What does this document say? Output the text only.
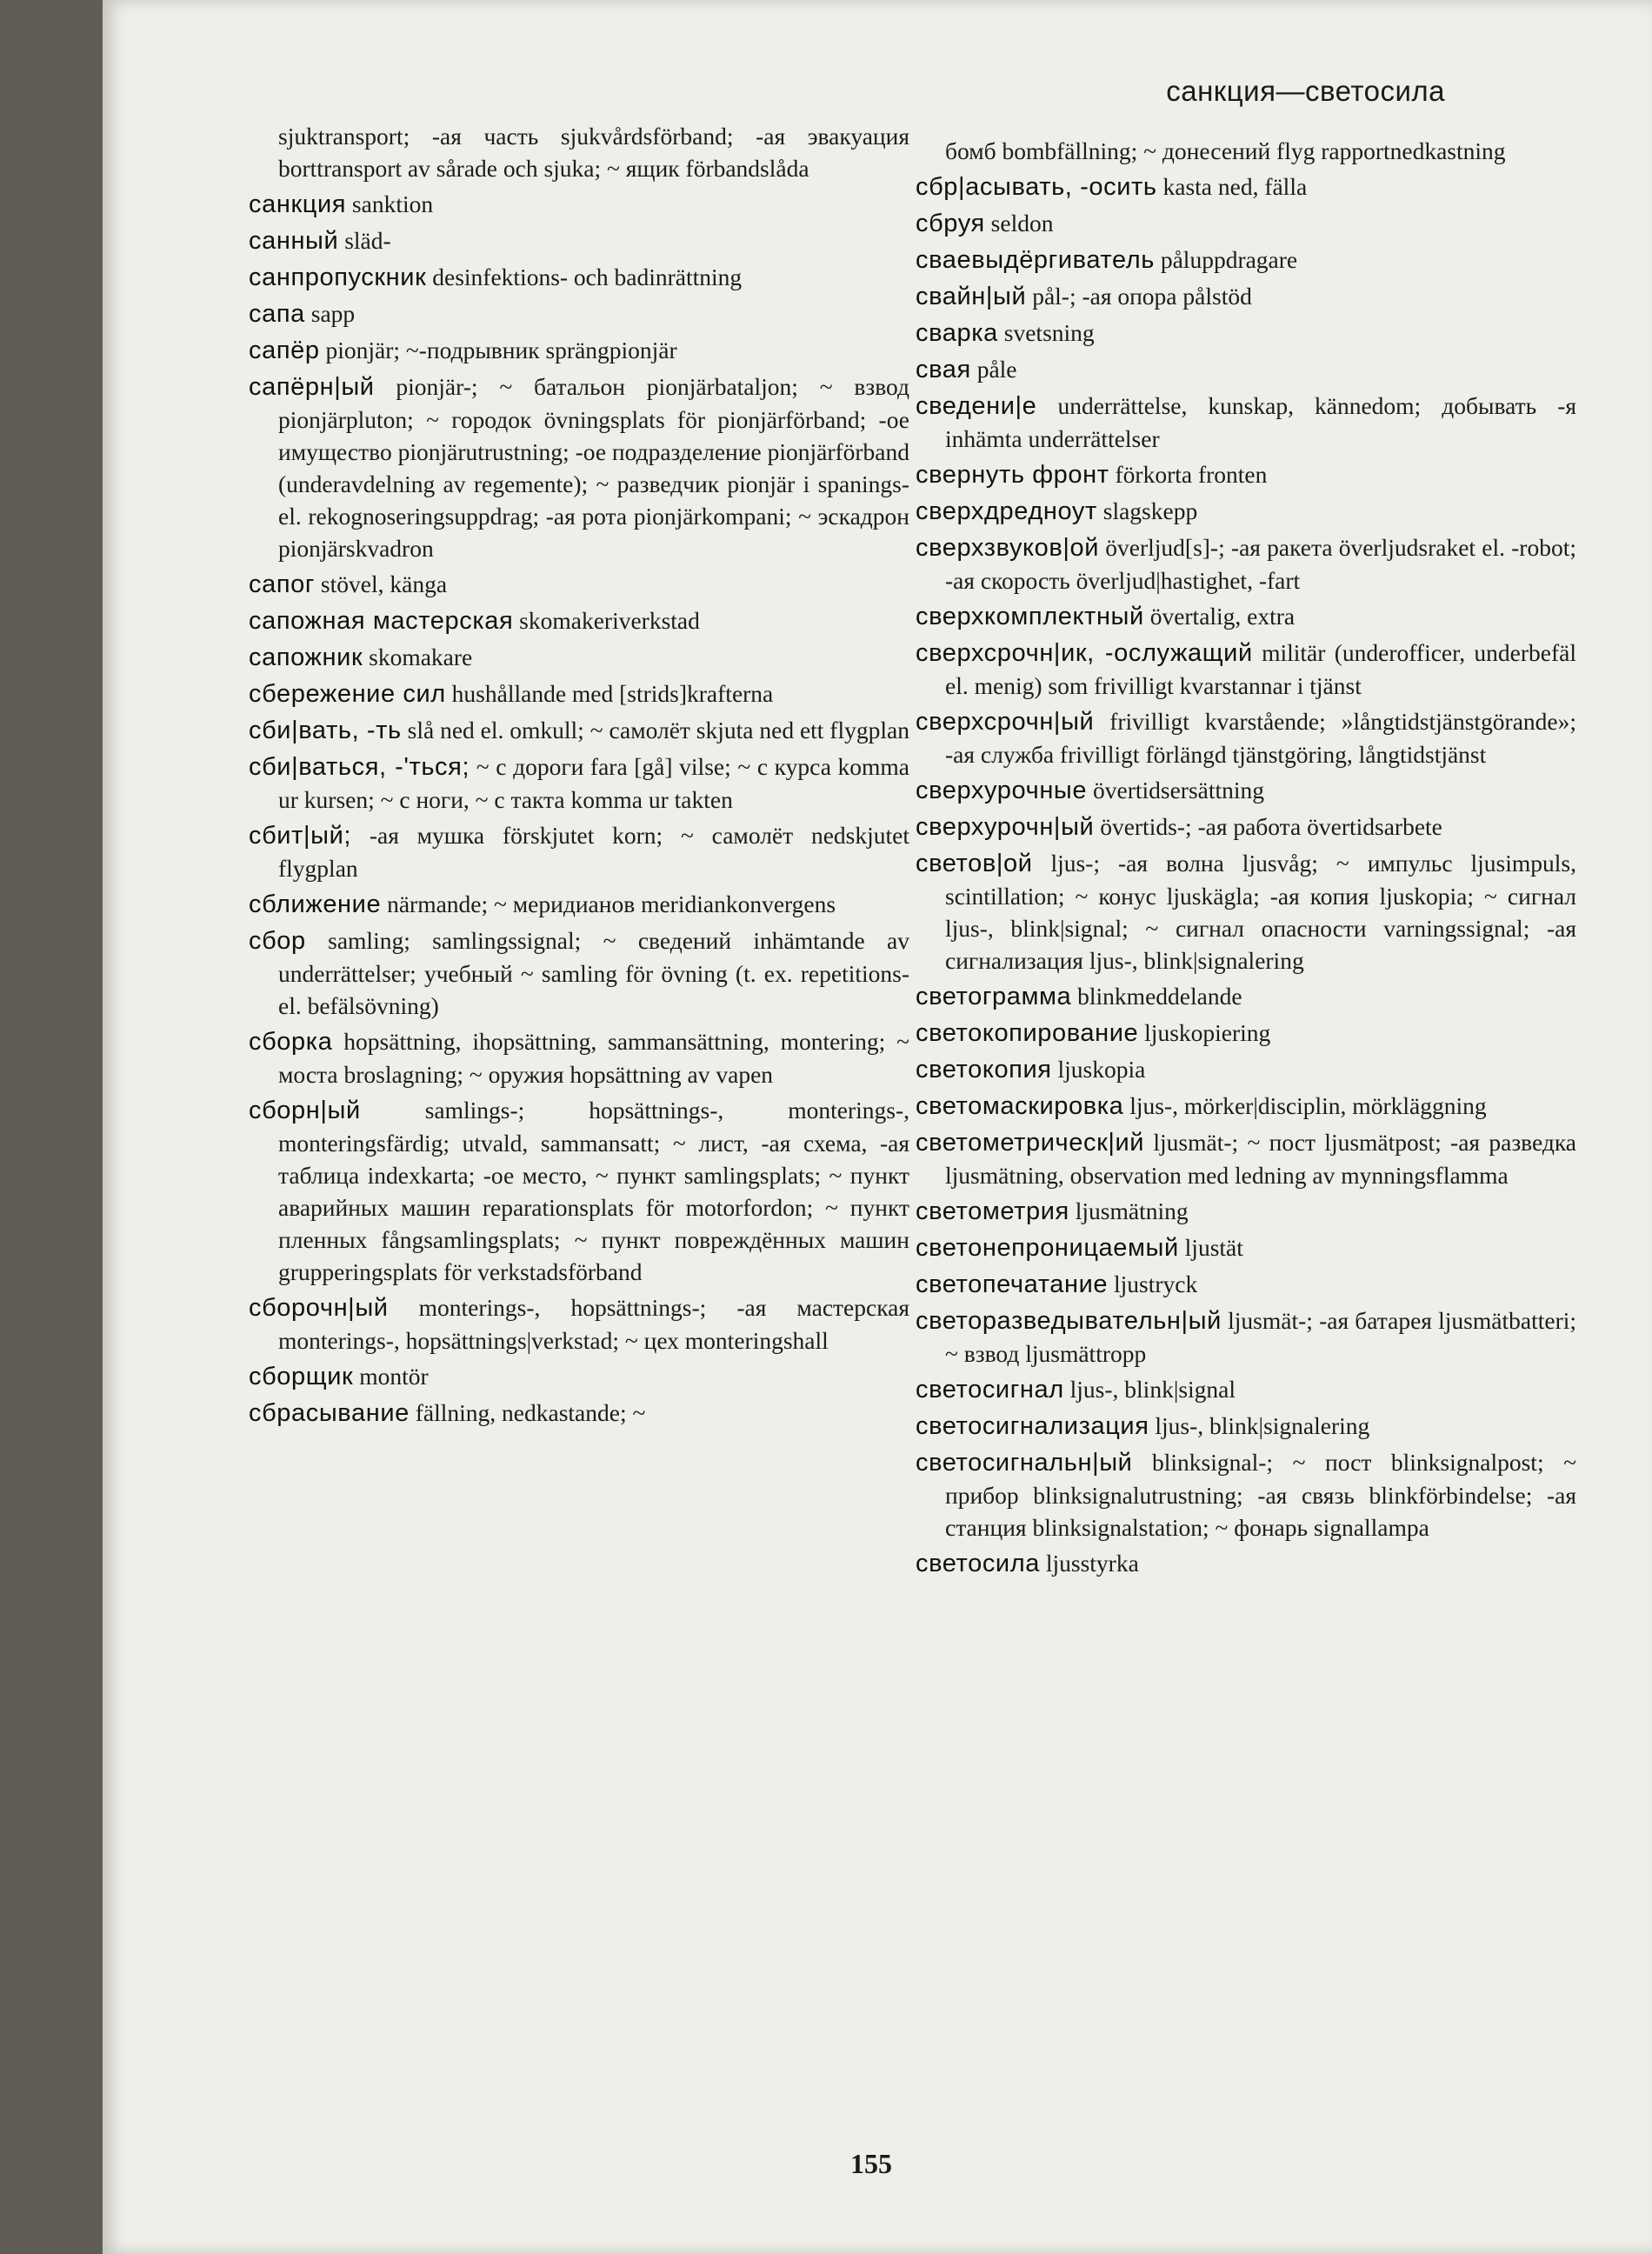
санкция—светосила

sjuktransport; -ая часть sjukvårdsförband; -ая эвакуация borttransport av sårade och sjuka; ~ ящик förbandslåda

санкция sanktion

санный släd-

санпропускник desinfektions- och badinrättning

сапа sapp

сапёр pionjär; ~-подрывник sprängpionjär

сапёрн|ый pionjär-; ~ батальон pionjärbataljon; ~ взвод pionjärpluton; ~ городок övningsplats för pionjärförband; -ое имущество pionjärutrustning; -ое подразделение pionjärförband (underavdelning av regemente); ~ разведчик pionjär i spanings- el. rekognoseringsuppdrag; -ая рота pionjärkompani; ~ эскадрон pionjärskvadron

сапог stövel, känga

сапожная мастерская skomakeriverkstad

сапожник skomakare

сбережение сил hushållande med [strids]krafterna

сби|вать, -ть slå ned el. omkull; ~ самолёт skjuta ned ett flygplan

сби|ваться, -'ться; ~ с дороги fara [gå] vilse; ~ с курса komma ur kursen; ~ с ноги, ~ с такта komma ur takten

сбит|ый; -ая мушка förskjutet korn; ~ самолёт nedskjutet flygplan

сближение närmande; ~ меридианов meridiankonvergens

сбор samling; samlingssignal; ~ сведений inhämtande av underrättelser; учебный ~ samling för övning (t. ex. repetitions- el. befälsövning)

сборка hopsättning, ihopsättning, sammansättning, montering; ~ моста broslagning; ~ оружия hopsättning av vapen

сборн|ый	samlings-; hopsättnings-, monterings-, monteringsfärdig; utvald, sammansatt; ~ лист, -ая схема, -ая таблица indexkarta; -ое место, ~ пункт samlingsplats; ~ пункт аварийных машин reparationsplats för motorfordon; ~ пункт пленных fångsamlingsplats; ~ пункт повреждённых машин grupperingsplats för verkstadsförband

сборочн|ый monterings-, hopsättnings-; -ая мастерская monterings-, hopsättnings|verkstad; ~ цех monteringshall

сборщик montör

сбрасывание fällning, nedkastande; ~

бомб bombfällning; ~ донесений flyg rapportnedkastning

сбр|асывать, -осить kasta ned, fälla

сбруя seldon

сваевыдёргиватель påluppdragare

свайн|ый pål-; -ая опора pålstöd

сварка svetsning

свая påle

сведени|е underrättelse, kunskap, kännedom; добывать -я inhämta underrättelser

свернуть фронт förkorta fronten

сверхдредноут slagskepp

сверхзвуков|ой överljud[s]-; -ая ракета överljudsraket el. -robot; -ая скорость överljud|hastighet, -fart

сверхкомплектный övertalig, extra

сверхсрочн|ик, -ослужащий militär (underofficer, underbefäl el. menig) som frivilligt kvarstannar i tjänst

сверхсрочн|ый frivilligt kvarstående; »långtidstjänstgörande»; -ая служба frivilligt förlängd tjänstgöring, långtidstjänst

сверхурочные övertidsersättning

сверхурочн|ый övertids-; -ая работа övertidsarbete

светов|ой ljus-; -ая волна ljusvåg; ~ импульс ljusimpuls, scintillation; ~ конус ljuskägla; -ая копия ljuskopia; ~ сигнал ljus-, blink|signal; ~ сигнал опасности varningssignal; -ая сигнализация ljus-, blink|signalering

светограмма blinkmeddelande

светокопирование ljuskopiering

светокопия ljuskopia

светомаскировка ljus-, mörker|disciplin, mörkläggning

светометрическ|ий ljusmät-; ~ пост ljusmätpost; -ая разведка ljusmätning, observation med ledning av mynningsflamma

светометрия ljusmätning

светонепроницаемый ljustät

светопечатание ljustryck

светоразведывательн|ый ljusmät-; -ая батарея ljusmätbatteri; ~ взвод ljusmättropp

светосигнал ljus-, blink|signal

светосигнализация ljus-, blink|signalering

светосигнальн|ый blinksignal-; ~ пост blinksignalpost; ~ прибор blinksignalutrustning; -ая связь blinkförbindelse; -ая станция blinksignalstation; ~ фонарь signallampa

светосила ljusstyrka

155
